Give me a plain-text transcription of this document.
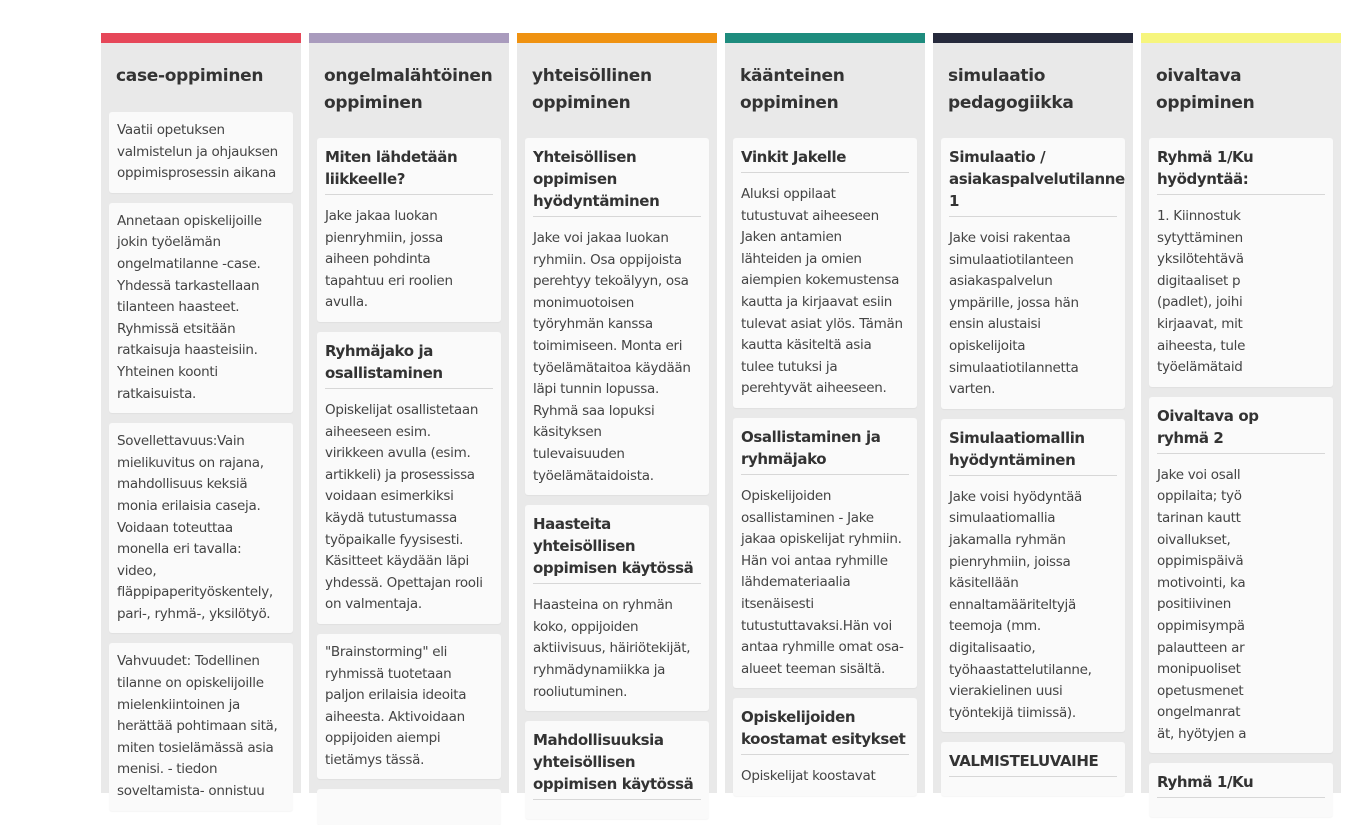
case-oppiminen
Vaatii opetuksen
valmistelun ja ohjauksen
oppimisprosessin aikana
Annetaan opiskelijoille
jokin työelämän
ongelmatilanne -case.
Yhdessä tarkastellaan
tilanteen haasteet.
Ryhmissä etsitään
ratkaisuja haasteisiin.
Yhteinen koonti
ratkaisuista.
Sovellettavuus:Vain
mielikuvitus on rajana,
mahdollisuus keksiä
monia erilaisia caseja.
Voidaan toteuttaa
monella eri tavalla:
video,
fläppipaperityöskentely,
pari-, ryhmä-, yksilötyö.
Vahvuudet: Todellinen
tilanne on opiskelijoille
mielenkiintoinen ja
herättää pohtimaan sitä,
miten tosielämässä asia
menisi. - tiedon
soveltamista- onnistuu
ongelmalähtöinen
oppiminen
Miten lähdetään
liikkeelle?
Jake jakaa luokan
pienryhmiin, jossa
aiheen pohdinta
tapahtuu eri roolien
avulla.
Ryhmäjako ja
osallistaminen
Opiskelijat osallistetaan
aiheeseen esim.
virikkeen avulla (esim.
artikkeli) ja prosessissa
voidaan esimerkiksi
käydä tutustumassa
työpaikalle fyysisesti.
Käsitteet käydään läpi
yhdessä. Opettajan rooli
on valmentaja.
"Brainstorming" eli
ryhmissä tuotetaan
paljon erilaisia ideoita
aiheesta. Aktivoidaan
oppijoiden aiempi
tietämys tässä.
yhteisöllinen
oppiminen
Yhteisöllisen
oppimisen
hyödyntäminen
Jake voi jakaa luokan
ryhmiin. Osa oppijoista
perehtyy tekoälyyn, osa
monimuotoisen
työryhmän kanssa
toimimiseen. Monta eri
työelämätaitoa käydään
läpi tunnin lopussa.
Ryhmä saa lopuksi
käsityksen
tulevaisuuden
työelämätaidoista.
Haasteita yhteisöllisen
oppimisen käytössä
Haasteina on ryhmän
koko, oppijoiden
aktiivisuus, häiriötekijät,
ryhmädynamiikka ja
rooliutuminen.
Mahdollisuuksia
yhteisöllisen
oppimisen käytössä
käänteinen
oppiminen
Vinkit Jakelle
Aluksi oppilaat
tutustuvat aiheeseen
Jaken antamien
lähteiden ja omien
aiempien kokemustensa
kautta ja kirjaavat esiin
tulevat asiat ylös. Tämän
kautta käsiteltä asia
tulee tutuksi ja
perehtyvät aiheeseen.
Osallistaminen ja
ryhmäjako
Opiskelijoiden
osallistaminen - Jake
jakaa opiskelijat ryhmiin.
Hän voi antaa ryhmille
lähdemateriaalia
itsenäisesti
tutustuttavaksi.Hän voi
antaa ryhmille omat osa-
alueet teeman sisältä.
Opiskelijoiden
koostamat esitykset
Opiskelijat koostavat
simulaatio
pedagogiikka
Simulaatio /
asiakaspalvelutilanne
1
Jake voisi rakentaa
simulaatiotilanteen
asiakaspalvelun
ympärille, jossa hän
ensin alustaisi
opiskelijoita
simulaatiotilannetta
varten.
Simulaatiomallin
hyödyntäminen
Jake voisi hyödyntää
simulaatiomallia
jakamalla ryhmän
pienryhmiin, joissa
käsitellään
ennaltamääriteltyjä
teemoja (mm.
digitalisaatio,
työhaastattelutilanne,
vierakielinen uusi
työntekijä tiimissä).
VALMISTELUVAIHE
oivaltava
oppiminen
Ryhmä 1/Ku
hyödyntää:
1. Kiinnostuk
sytyttäminen
yksilötehtävä
digitaaliset p
(padlet), joihi
kirjaavat, mit
aiheesta, tule
työelämätaid
Oivaltava op
ryhmä 2
Jake voi osall
oppilaita; työ
tarinan kautt
oivallukset,
oppimispäivä
motivointi, ka
positiivinen
oppimisympä
palautteen ar
monipuoliset
opetusmenet
ongelmanrat
ät, hyötyjen a
Ryhmä 1/Ku
